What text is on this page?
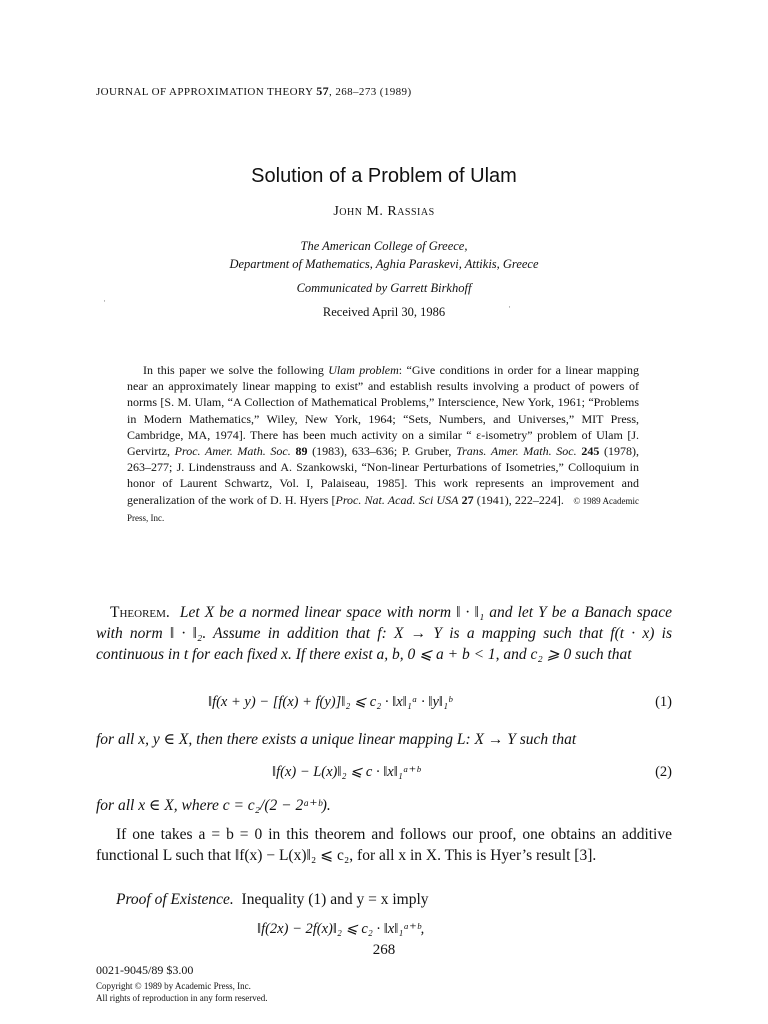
JOURNAL OF APPROXIMATION THEORY 57, 268–273 (1989)
Solution of a Problem of Ulam
John M. Rassias
The American College of Greece,
Department of Mathematics, Aghia Paraskevi, Attikis, Greece
Communicated by Garrett Birkhoff
Received April 30, 1986
·
·

In this paper we solve the following Ulam problem: “Give conditions in order for a linear mapping near an approximately linear mapping to exist” and establish results involving a product of powers of norms [S. M. Ulam, “A Collection of Mathematical Problems,” Interscience, New York, 1961; “Problems in Modern Mathematics,” Wiley, New York, 1964; “Sets, Numbers, and Universes,” MIT Press, Cambridge, MA, 1974]. There has been much activity on a similar “ ε-isometry” problem of Ulam [J. Gervirtz, Proc. Amer. Math. Soc. 89 (1983), 633–636; P. Gruber, Trans. Amer. Math. Soc. 245 (1978), 263–277; J. Lindenstrauss and A. Szankowski, “Non-linear Perturbations of Isometries,” Colloquium in honor of Laurent Schwartz, Vol. I, Palaiseau, 1985]. This work represents an improvement and generalization of the work of D. H. Hyers [Proc. Nat. Acad. Sci USA 27 (1941), 222–224]. © 1989 Academic Press, Inc.

Theorem. Let X be a normed linear space with norm ‖ · ‖₁ and let Y be a Banach space with norm ‖ · ‖₂. Assume in addition that f: X → Y is a mapping such that f(t · x) is continuous in t for each fixed x. If there exist a, b, 0 ⩽ a + b < 1, and c₂ ⩾ 0 such that

‖f(x + y) − [f(x) + f(y)]‖₂ ⩽ c₂ · ‖x‖₁ᵃ · ‖y‖₁ᵇ	(1)
for all x, y ∈ X, then there exists a unique linear mapping L: X → Y such that
‖f(x) − L(x)‖₂ ⩽ c · ‖x‖₁ᵃ⁺ᵇ	(2)
for all x ∈ X, where c = c₂/(2 − 2ᵃ⁺ᵇ).

If one takes a = b = 0 in this theorem and follows our proof, one obtains an additive functional L such that ‖f(x) − L(x)‖₂ ⩽ c₂, for all x in X. This is Hyer’s result [3].

Proof of Existence. Inequality (1) and y = x imply

‖f(2x) − 2f(x)‖₂ ⩽ c₂ · ‖x‖₁ᵃ⁺ᵇ,
268
0021-9045/89 $3.00
Copyright © 1989 by Academic Press, Inc.
All rights of reproduction in any form reserved.
